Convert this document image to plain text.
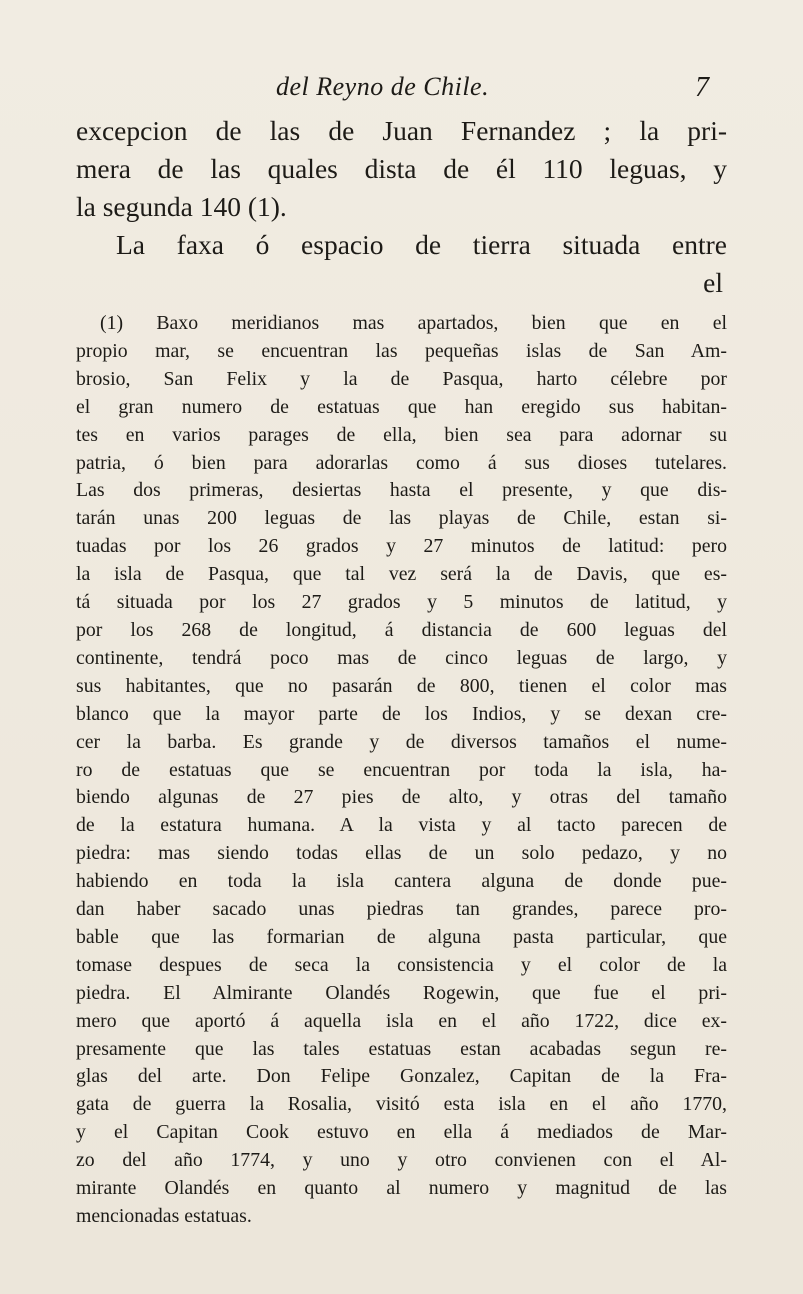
del Reyno de Chile.	7
excepcion de las de Juan Fernandez ; la pri-
mera de las quales dista de él 110 leguas, y
la segunda 140 (1).
La faxa ó espacio de tierra situada entre
el
(1) Baxo meridianos mas apartados, bien que en el
propio mar, se encuentran las pequeñas islas de San Am-
brosio, San Felix y la de Pasqua, harto célebre por
el gran numero de estatuas que han eregido sus habitan-
tes en varios parages de ella, bien sea para adornar su
patria, ó bien para adorarlas como á sus dioses tutelares.
Las dos primeras, desiertas hasta el presente, y que dis-
tarán unas 200 leguas de las playas de Chile, estan si-
tuadas por los 26 grados y 27 minutos de latitud: pero
la isla de Pasqua, que tal vez será la de Davis, que es-
tá situada por los 27 grados y 5 minutos de latitud, y
por los 268 de longitud, á distancia de 600 leguas del
continente, tendrá poco mas de cinco leguas de largo, y
sus habitantes, que no pasarán de 800, tienen el color mas
blanco que la mayor parte de los Indios, y se dexan cre-
cer la barba. Es grande y de diversos tamaños el nume-
ro de estatuas que se encuentran por toda la isla, ha-
biendo algunas de 27 pies de alto, y otras del tamaño
de la estatura humana. A la vista y al tacto parecen de
piedra: mas siendo todas ellas de un solo pedazo, y no
habiendo en toda la isla cantera alguna de donde pue-
dan haber sacado unas piedras tan grandes, parece pro-
bable que las formarian de alguna pasta particular, que
tomase despues de seca la consistencia y el color de la
piedra. El Almirante Olandés Rogewin, que fue el pri-
mero que aportó á aquella isla en el año 1722, dice ex-
presamente que las tales estatuas estan acabadas segun re-
glas del arte. Don Felipe Gonzalez, Capitan de la Fra-
gata de guerra la Rosalia, visitó esta isla en el año 1770,
y el Capitan Cook estuvo en ella á mediados de Mar-
zo del año 1774, y uno y otro convienen con el Al-
mirante Olandés en quanto al numero y magnitud de las
mencionadas estatuas.
